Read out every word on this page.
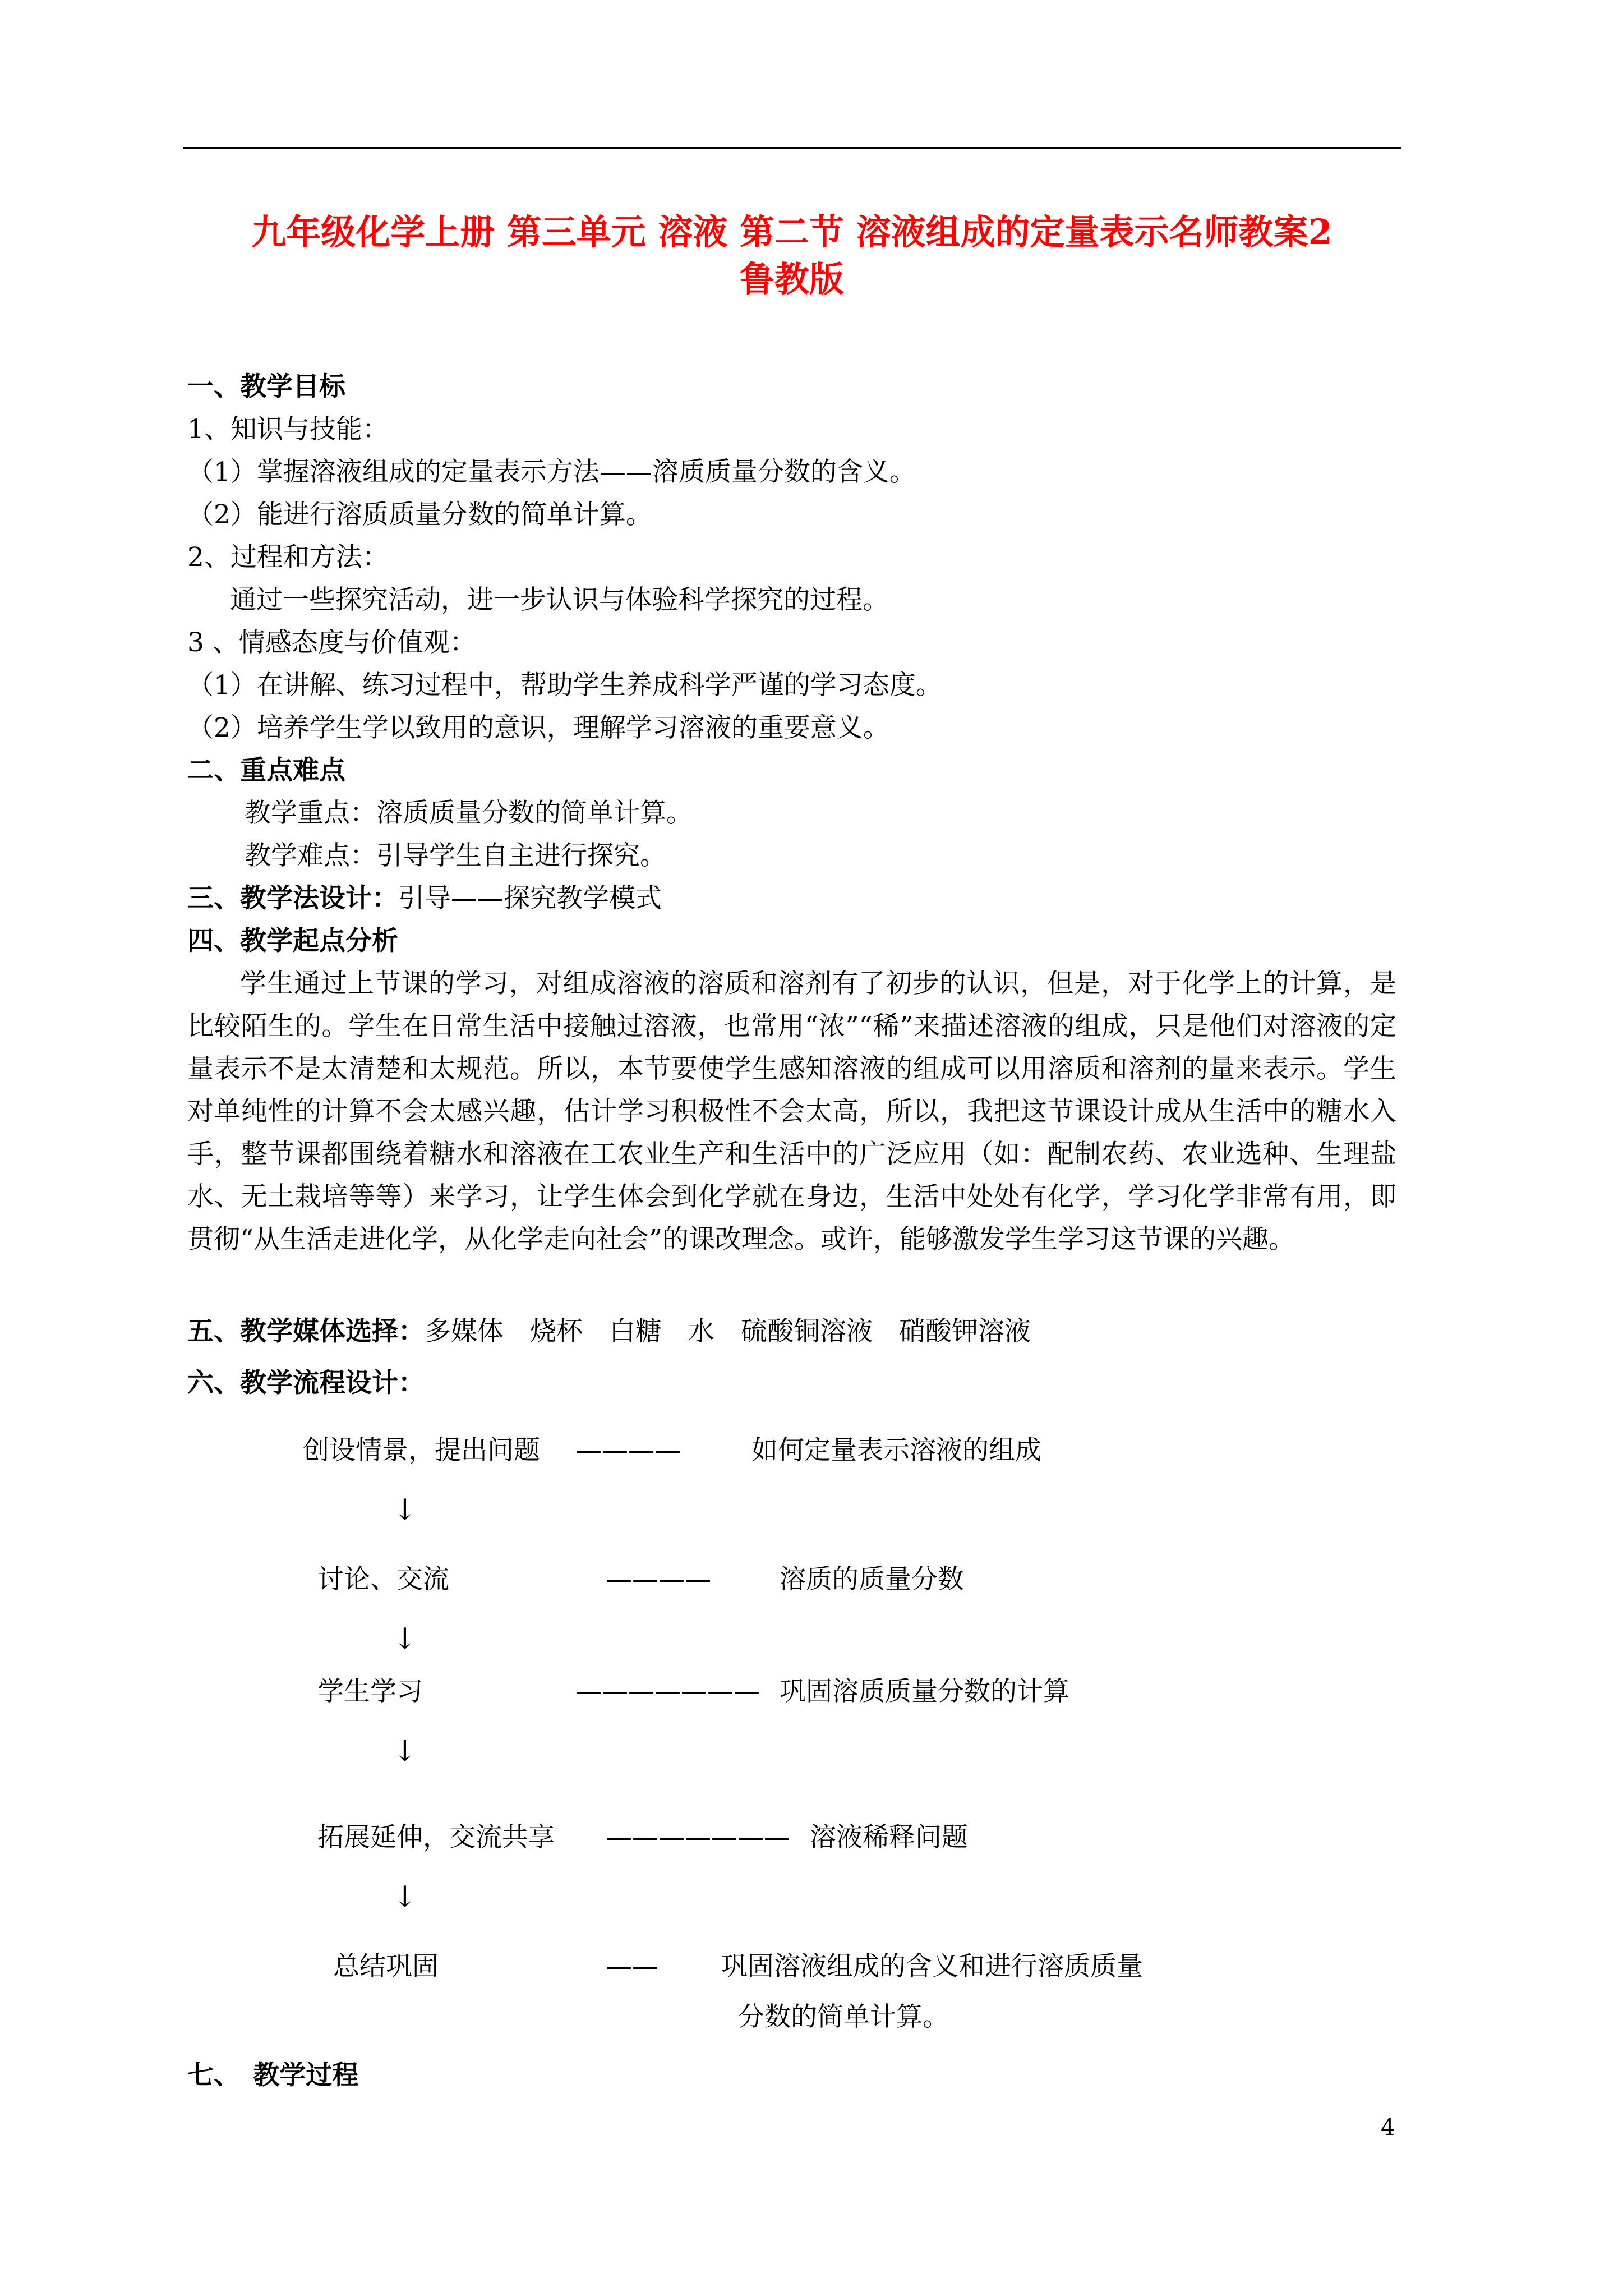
九年级化学上册 第三单元 溶液 第二节 溶液组成的定量表示名师教案2
鲁教版
一、教学目标
1、知识与技能：
（1）掌握溶液组成的定量表示方法——溶质质量分数的含义。
（2）能进行溶质质量分数的简单计算。
2、过程和方法：
通过一些探究活动，进一步认识与体验科学探究的过程。
3 、情感态度与价值观：
（1）在讲解、练习过程中，帮助学生养成科学严谨的学习态度。
（2）培养学生学以致用的意识，理解学习溶液的重要意义。
二、重点难点
教学重点：溶质质量分数的简单计算。
教学难点：引导学生自主进行探究。
三、教学法设计：引导——探究教学模式
四、教学起点分析
学生通过上节课的学习，对组成溶液的溶质和溶剂有了初步的认识，但是，对于化学上的计算，是比较陌生的。学生在日常生活中接触过溶液，也常用“浓”“稀”来描述溶液的组成，只是他们对溶液的定量表示不是太清楚和太规范。所以，本节要使学生感知溶液的组成可以用溶质和溶剂的量来表示。学生对单纯性的计算不会太感兴趣，估计学习积极性不会太高，所以，我把这节课设计成从生活中的糖水入手，整节课都围绕着糖水和溶液在工农业生产和生活中的广泛应用（如：配制农药、农业选种、生理盐水、无土栽培等等）来学习，让学生体会到化学就在身边，生活中处处有化学，学习化学非常有用，即贯彻“从生活走进化学，从化学走向社会”的课改理念。或许，能够激发学生学习这节课的兴趣。
五、教学媒体选择：多媒体　烧杯　白糖　水　硫酸铜溶液　硝酸钾溶液
六、教学流程设计：
创设情景，提出问题 ————	如何定量表示溶液的组成
↓
讨论、交流	————	溶质的质量分数
↓
学生学习	——————— 巩固溶质质量分数的计算
↓
拓展延伸，交流共享 ——————— 溶液稀释问题
↓
总结巩固	—— 巩固溶液组成的含义和进行溶质质量
分数的简单计算。
七、　教学过程
4
